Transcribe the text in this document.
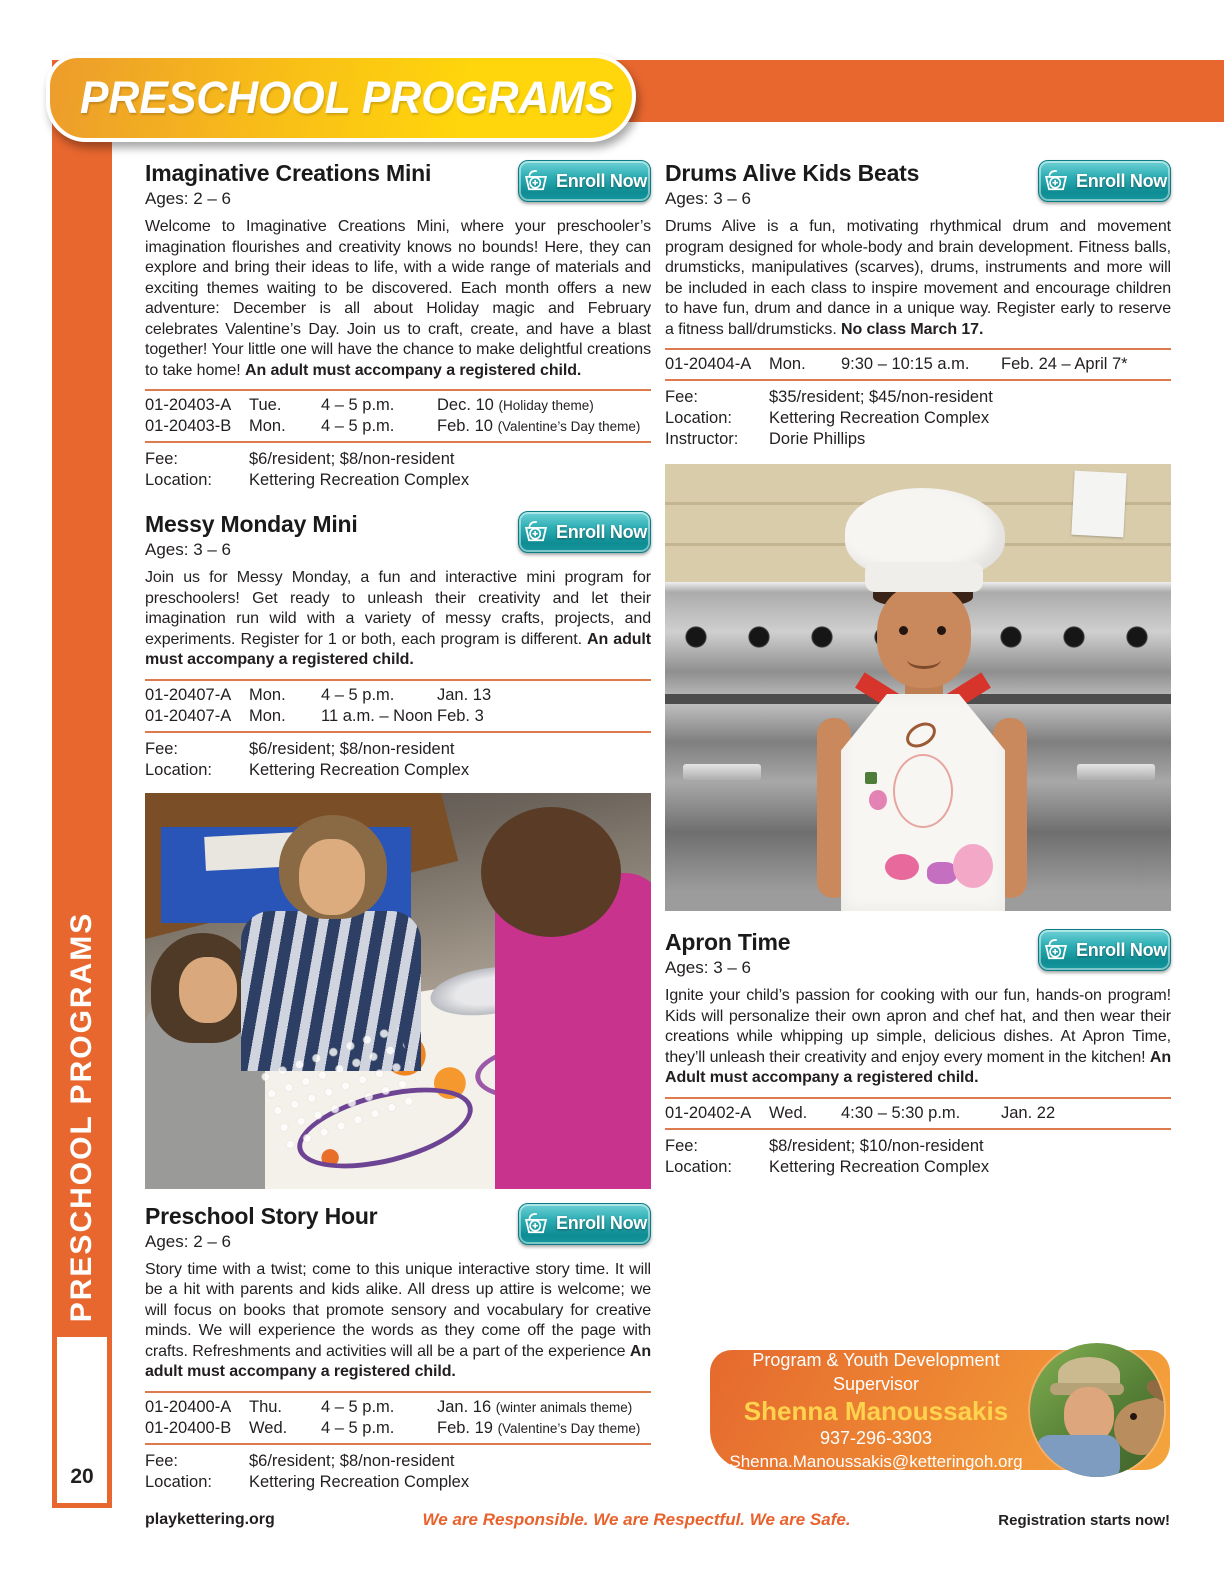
PRESCHOOL PROGRAMS
PRESCHOOL PROGRAMS
20
Imaginative Creations Mini
Ages: 2 – 6
Enroll Now

Welcome to Imaginative Creations Mini, where your preschooler’s imagination flourishes and creativity knows no bounds! Here, they can explore and bring their ideas to life, with a wide range of materials and exciting themes waiting to be discovered. Each month offers a new adventure: December is all about Holiday magic and February celebrates Valentine’s Day. Join us to craft, create, and have a blast together! Your little one will have the chance to make delightful creations to take home! An adult must accompany a registered child.

01-20403-A	Tue.	4 – 5 p.m.	Dec. 10 (Holiday theme)
01-20403-B	Mon.	4 – 5 p.m.	Feb. 10 (Valentine’s Day theme)
Fee:	$6/resident; $8/non-resident
Location:	Kettering Recreation Complex
Messy Monday Mini
Ages: 3 – 6
Enroll Now

Join us for Messy Monday, a fun and interactive mini program for preschoolers! Get ready to unleash their creativity and let their imagination run wild with a variety of messy crafts, projects, and experiments. Register for 1 or both, each program is different. An adult must accompany a registered child.

01-20407-A	Mon.	4 – 5 p.m.	Jan. 13
01-20407-A	Mon.	11 a.m. – Noon Feb. 3
Fee:	$6/resident; $8/non-resident
Location:	Kettering Recreation Complex
Preschool Story Hour
Ages: 2 – 6
Enroll Now

Story time with a twist; come to this unique interactive story time. It will be a hit with parents and kids alike. All dress up attire is welcome; we will focus on books that promote sensory and vocabulary for creative minds. We will experience the words as they come off the page with crafts. Refreshments and activities will all be a part of the experience An adult must accompany a registered child.

01-20400-A	Thu.	4 – 5 p.m.	Jan. 16 (winter animals theme)
01-20400-B	Wed.	4 – 5 p.m.	Feb. 19 (Valentine’s Day theme)
Fee:	$6/resident; $8/non-resident
Location:	Kettering Recreation Complex
Drums Alive Kids Beats
Ages: 3 – 6
Enroll Now

Drums Alive is a fun, motivating rhythmical drum and movement program designed for whole-body and brain development. Fitness balls, drumsticks, manipulatives (scarves), drums, instruments and more will be included in each class to inspire movement and encourage children to have fun, drum and dance in a unique way. Register early to reserve a fitness ball/drumsticks. No class March 17.

01-20404-A	Mon.	9:30 – 10:15 a.m.	Feb. 24 – April 7*
Fee:	$35/resident; $45/non-resident
Location:	Kettering Recreation Complex
Instructor:	Dorie Phillips
Apron Time
Ages: 3 – 6
Enroll Now

Ignite your child’s passion for cooking with our fun, hands-on program! Kids will personalize their own apron and chef hat, and then wear their creations while whipping up simple, delicious dishes. At Apron Time, they’ll unleash their creativity and enjoy every moment in the kitchen! An Adult must accompany a registered child.

01-20402-A	Wed.	4:30 – 5:30 p.m.	Jan. 22
Fee:	$8/resident; $10/non-resident
Location:	Kettering Recreation Complex
Program & Youth Development Supervisor
Shenna Manoussakis
937-296-3303
Shenna.Manoussakis@ketteringoh.org
playkettering.org	We are Responsible. We are Respectful. We are Safe.	Registration starts now!
